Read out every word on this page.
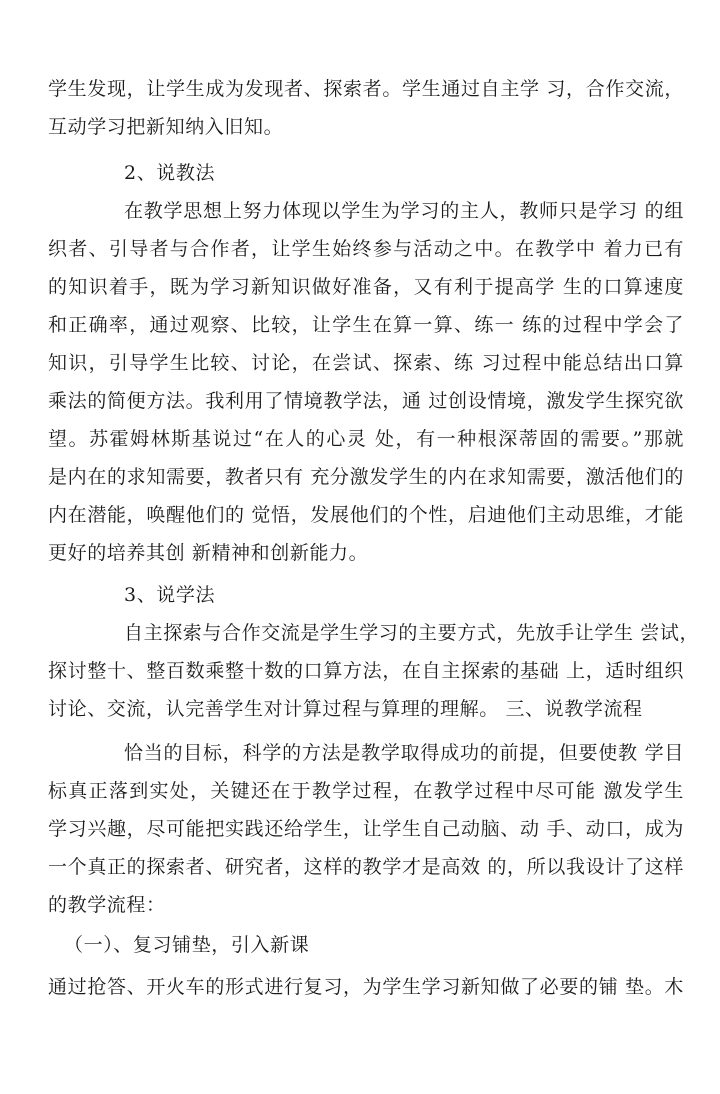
学生发现，让学生成为发现者、探索者。学生通过自主学 习，合作交流，
互动学习把新知纳入旧知。
2、说教法
在教学思想上努力体现以学生为学习的主人，教师只是学习 的组
织者、引导者与合作者，让学生始终参与活动之中。在教学中 着力已有
的知识着手，既为学习新知识做好准备，又有利于提高学 生的口算速度
和正确率，通过观察、比较，让学生在算一算、练一 练的过程中学会了
知识，引导学生比较、讨论，在尝试、探索、练 习过程中能总结出口算
乘法的简便方法。我利用了情境教学法，通 过创设情境，激发学生探究欲
望。苏霍姆林斯基说过“在人的心灵 处，有一种根深蒂固的需要。”那就
是内在的求知需要，教者只有 充分激发学生的内在求知需要，激活他们的
内在潜能，唤醒他们的 觉悟，发展他们的个性，启迪他们主动思维，才能
更好的培养其创 新精神和创新能力。
3、说学法
自主探索与合作交流是学生学习的主要方式，先放手让学生 尝试，
探讨整十、整百数乘整十数的口算方法，在自主探索的基础 上，适时组织
讨论、交流，认完善学生对计算过程与算理的理解。 三、说教学流程
恰当的目标，科学的方法是教学取得成功的前提，但要使教 学目
标真正落到实处，关键还在于教学过程，在教学过程中尽可能 激发学生
学习兴趣，尽可能把实践还给学生，让学生自己动脑、动 手、动口，成为
一个真正的探索者、研究者，这样的教学才是高效 的，所以我设计了这样
的教学流程：
（一）、复习铺垫，引入新课
通过抢答、开火车的形式进行复习，为学生学习新知做了必要的铺 垫。木
